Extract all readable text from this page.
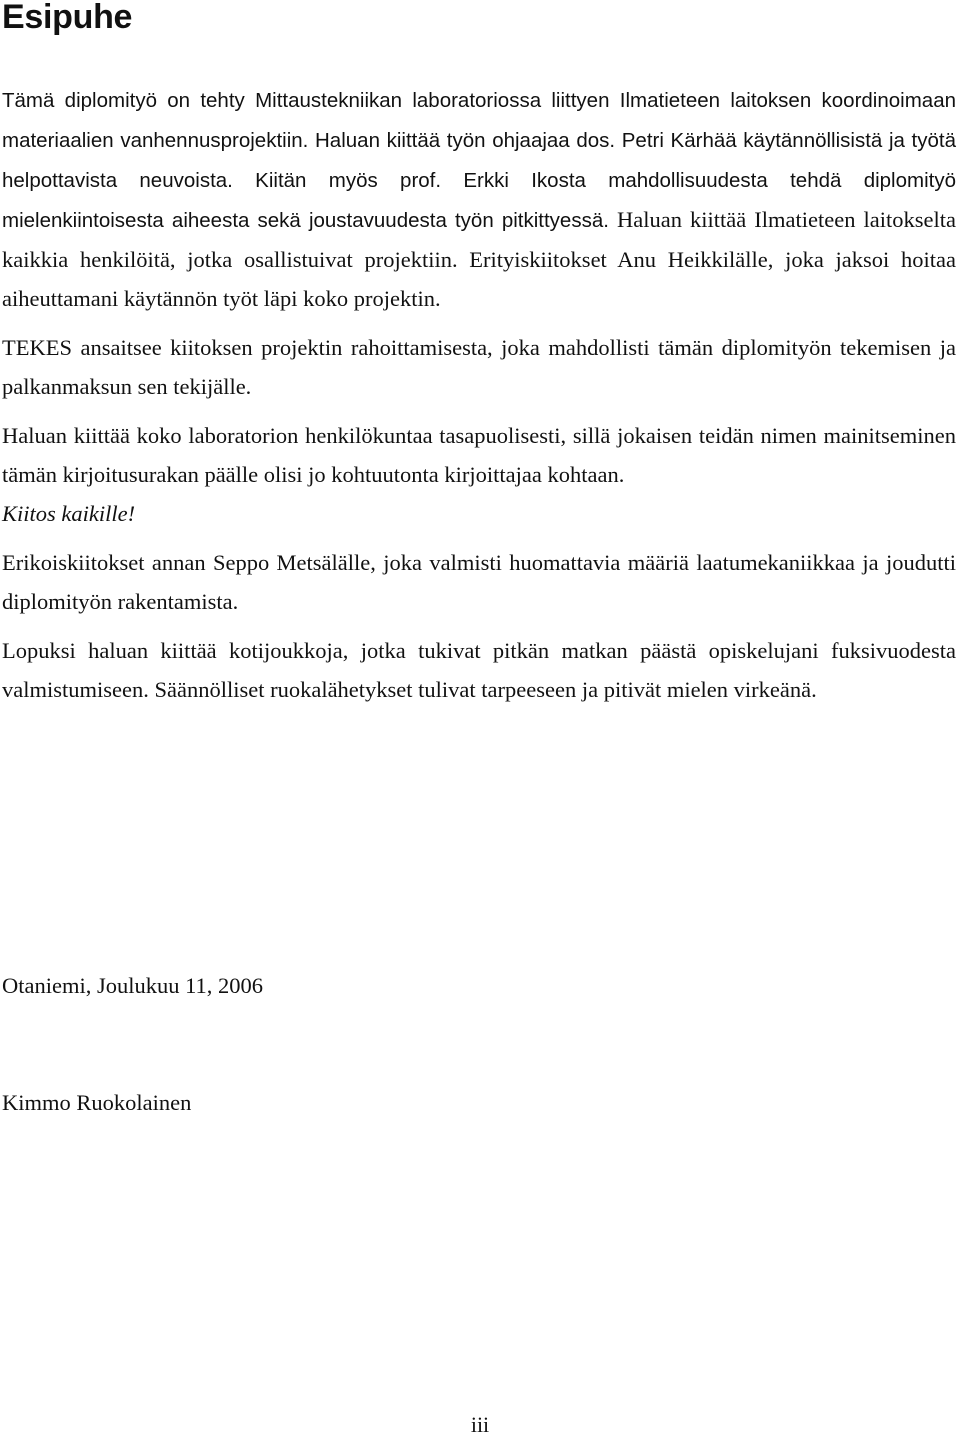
Esipuhe

Tämä diplomityö on tehty Mittaustekniikan laboratoriossa liittyen Ilmatieteen laitoksen koordinoimaan materiaalien vanhennusprojektiin. Haluan kiittää työn ohjaajaa dos. Petri Kärhää käytännöllisistä ja työtä helpottavista neuvoista. Kiitän myös prof. Erkki Ikosta mahdollisuudesta tehdä diplomityö mielenkiintoisesta aiheesta sekä joustavuudesta työn pitkittyessä. Haluan kiittää Ilmatieteen laitokselta kaikkia henkilöitä, jotka osallistuivat projektiin. Erityiskiitokset Anu Heikkilälle, joka jaksoi hoitaa aiheuttamani käytännön työt läpi koko projektin.

TEKES ansaitsee kiitoksen projektin rahoittamisesta, joka mahdollisti tämän diplomityön tekemisen ja palkanmaksun sen tekijälle.

Haluan kiittää koko laboratorion henkilökuntaa tasapuolisesti, sillä jokaisen teidän nimen mainitseminen tämän kirjoitusurakan päälle olisi jo kohtuutonta kirjoittajaa kohtaan.
Kiitos kaikille!

Erikoiskiitokset annan Seppo Metsälälle, joka valmisti huomattavia määriä laatumekaniikkaa ja joudutti diplomityön rakentamista.

Lopuksi haluan kiittää kotijoukkoja, jotka tukivat pitkän matkan päästä opiskelujani fuksivuodesta valmistumiseen. Säännölliset ruokalähetykset tulivat tarpeeseen ja pitivät mielen virkeänä.

Otaniemi, Joulukuu 11, 2006
Kimmo Ruokolainen
iii
